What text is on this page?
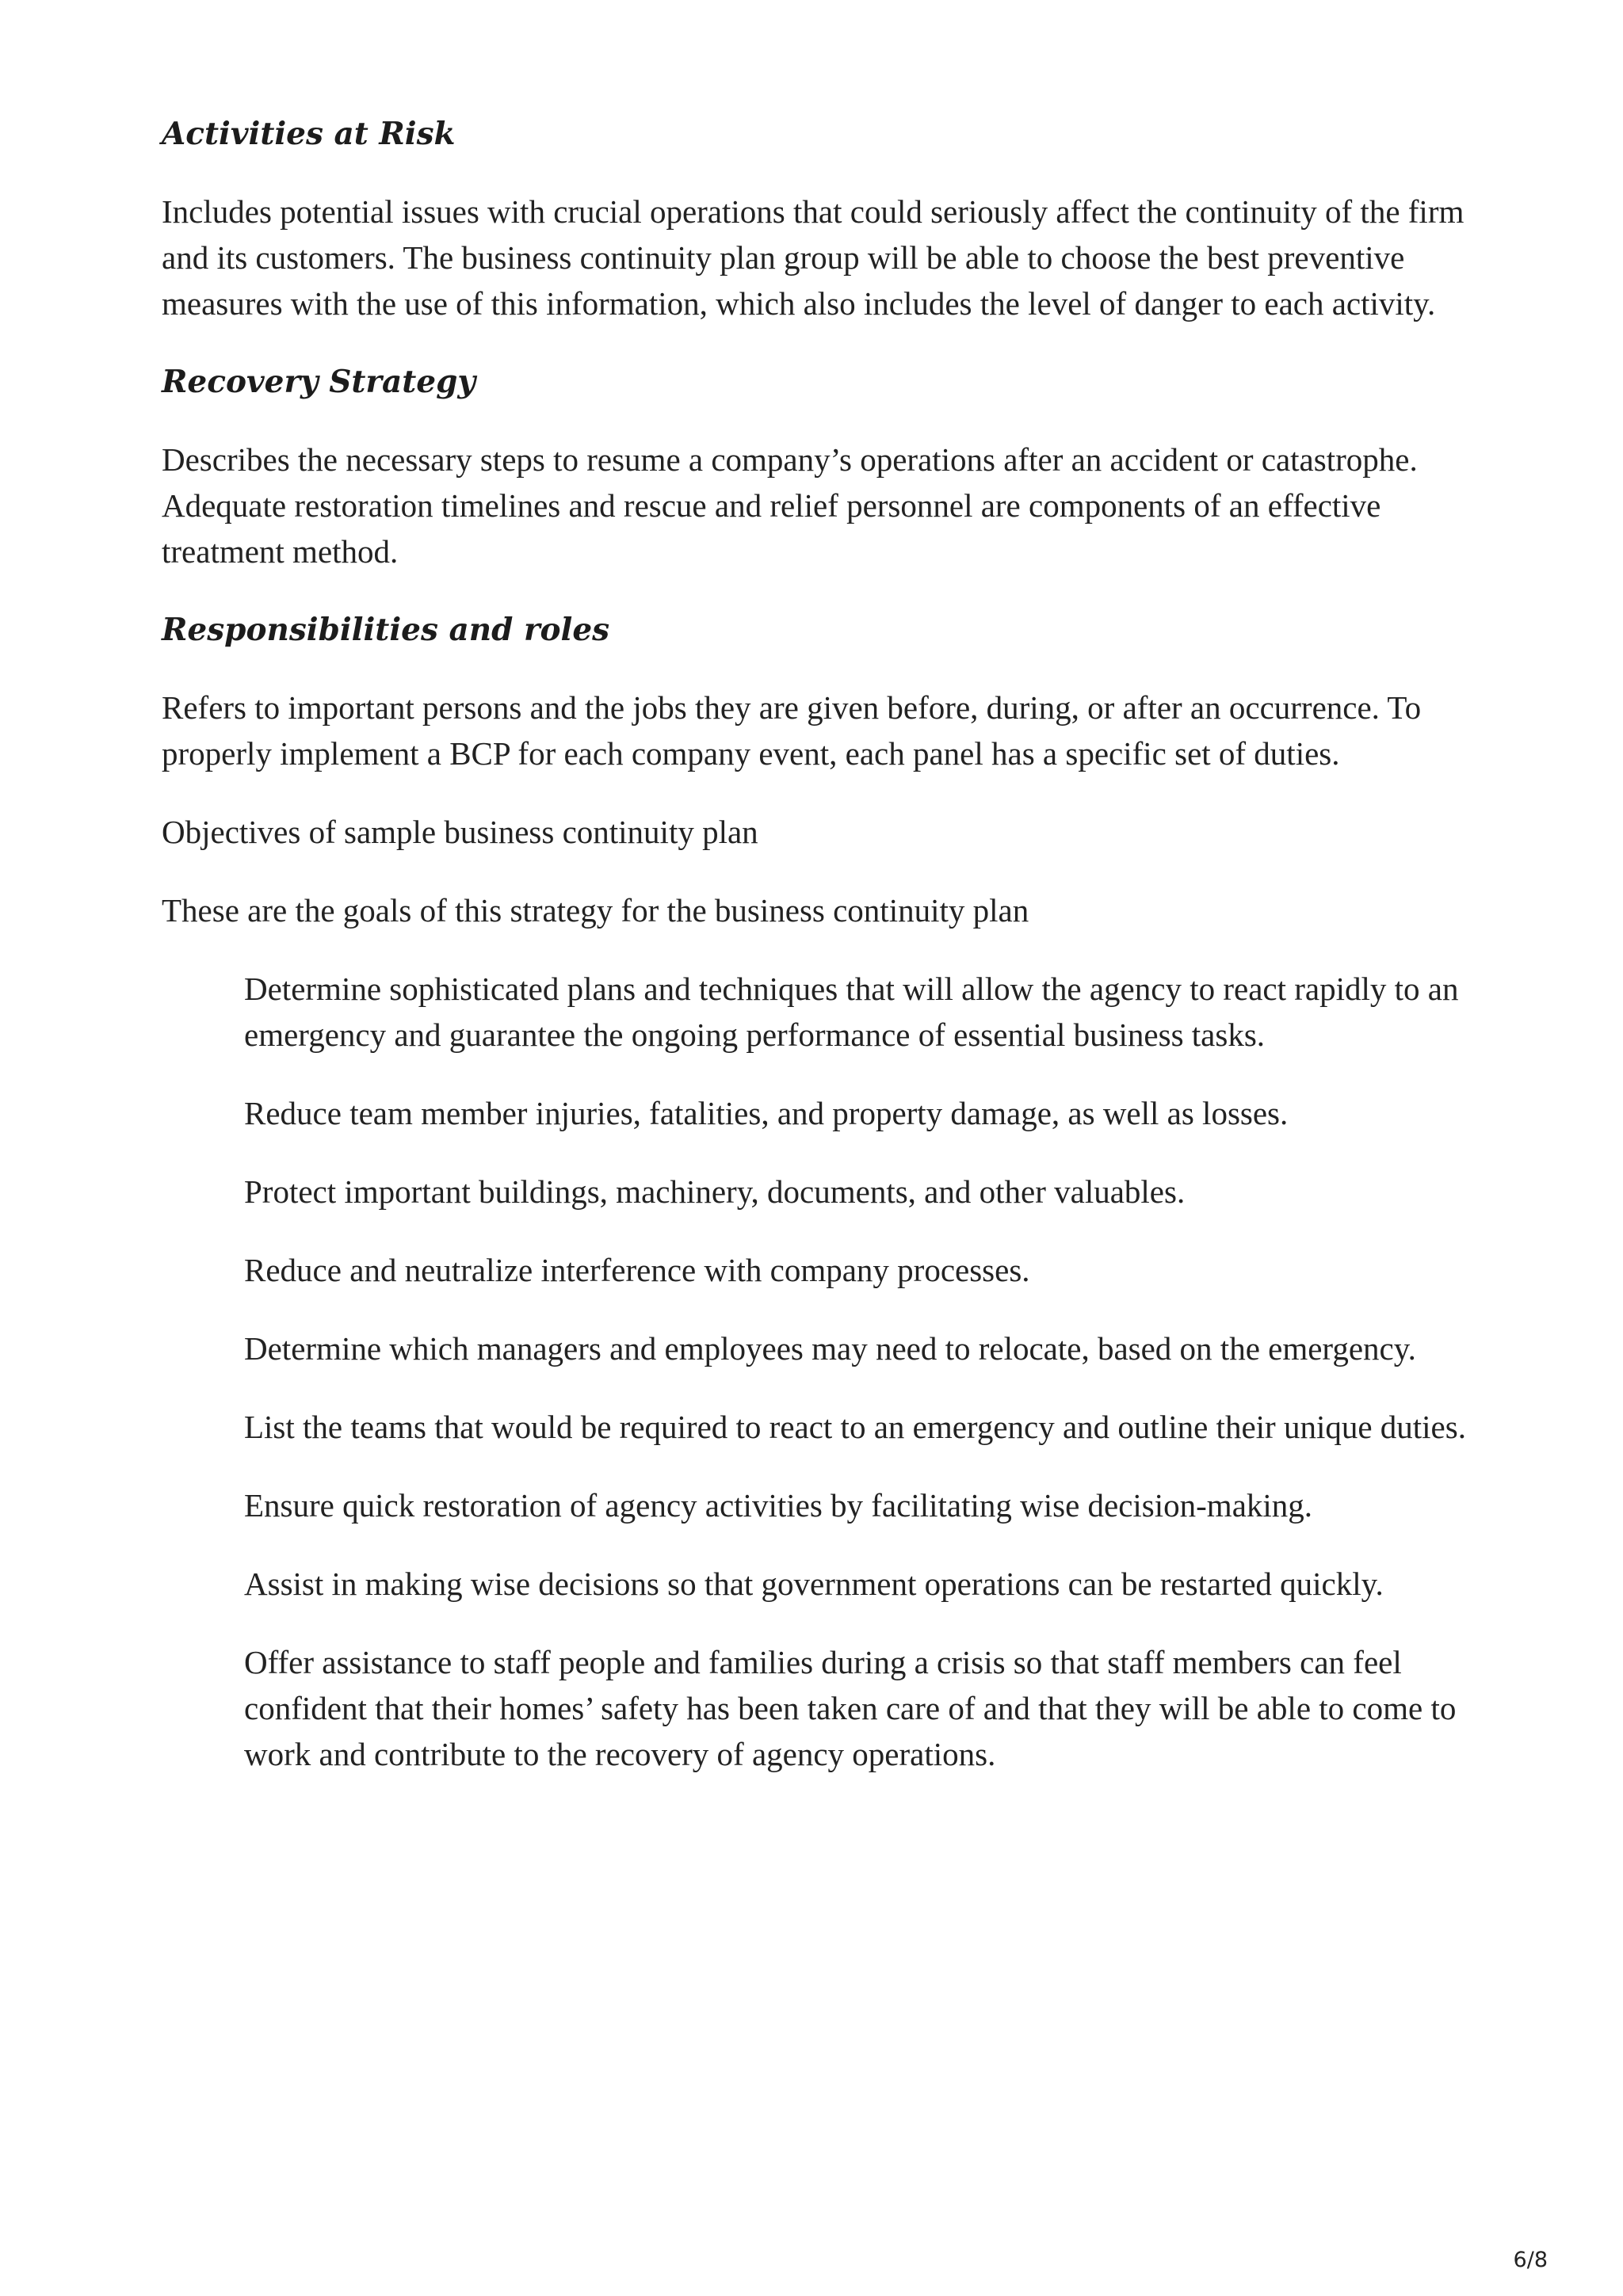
Activities at Risk

Includes potential issues with crucial operations that could seriously affect the continuity of the firm and its customers. The business continuity plan group will be able to choose the best preventive measures with the use of this information, which also includes the level of danger to each activity.

Recovery Strategy

Describes the necessary steps to resume a company’s operations after an accident or catastrophe. Adequate restoration timelines and rescue and relief personnel are components of an effective treatment method.

Responsibilities and roles

Refers to important persons and the jobs they are given before, during, or after an occurrence. To properly implement a BCP for each company event, each panel has a specific set of duties.

Objectives of sample business continuity plan

These are the goals of this strategy for the business continuity plan

Determine sophisticated plans and techniques that will allow the agency to react rapidly to an emergency and guarantee the ongoing performance of essential business tasks.
Reduce team member injuries, fatalities, and property damage, as well as losses.
Protect important buildings, machinery, documents, and other valuables.
Reduce and neutralize interference with company processes.
Determine which managers and employees may need to relocate, based on the emergency.
List the teams that would be required to react to an emergency and outline their unique duties.
Ensure quick restoration of agency activities by facilitating wise decision-making.
Assist in making wise decisions so that government operations can be restarted quickly.
Offer assistance to staff people and families during a crisis so that staff members can feel confident that their homes’ safety has been taken care of and that they will be able to come to work and contribute to the recovery of agency operations.
6/8
